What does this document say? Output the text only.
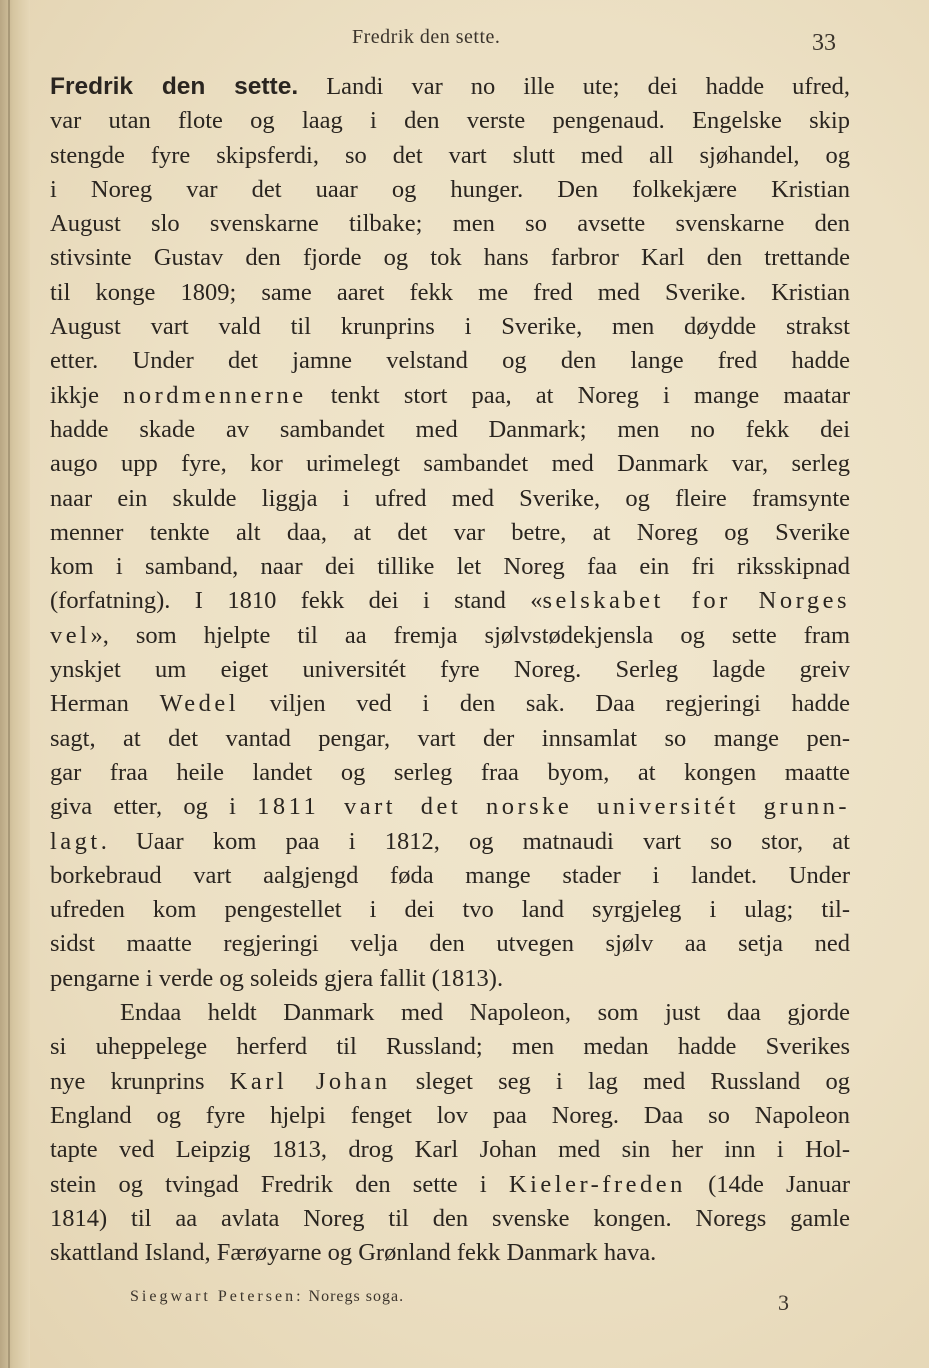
Fredrik den sette.	33
Fredrik den sette. Landi var no ille ute; dei hadde ufred,
var utan flote og laag i den verste pengenaud. Engelske skip
stengde fyre skipsferdi, so det vart slutt med all sjøhandel, og
i Noreg var det uaar og hunger. Den folkekjære Kristian
August slo svenskarne tilbake; men so avsette svenskarne den
stivsinte Gustav den fjorde og tok hans farbror Karl den trettande
til konge 1809; same aaret fekk me fred med Sverike. Kristian
August vart vald til krunprins i Sverike, men døydde strakst
etter. Under det jamne velstand og den lange fred hadde
ikkje nordmennerne tenkt stort paa, at Noreg i mange maatar
hadde skade av sambandet med Danmark; men no fekk dei
augo upp fyre, kor urimelegt sambandet med Danmark var, serleg
naar ein skulde liggja i ufred med Sverike, og fleire framsynte
menner tenkte alt daa, at det var betre, at Noreg og Sverike
kom i samband, naar dei tillike let Noreg faa ein fri riksskipnad
(forfatning). I 1810 fekk dei i stand «selskabet for Norges
vel», som hjelpte til aa fremja sjølvstødekjensla og sette fram
ynskjet um eiget universitét fyre Noreg. Serleg lagde greiv
Herman Wedel viljen ved i den sak. Daa regjeringi hadde
sagt, at det vantad pengar, vart der innsamlat so mange pen-
gar fraa heile landet og serleg fraa byom, at kongen maatte
giva etter, og i 1811 vart det norske universitét grunn-
lagt. Uaar kom paa i 1812, og matnaudi vart so stor, at
borkebraud vart aalgjengd føda mange stader i landet. Under
ufreden kom pengestellet i dei tvo land syrgjeleg i ulag; til-
sidst maatte regjeringi velja den utvegen sjølv aa setja ned
pengarne i verde og soleids gjera fallit (1813).
Endaa heldt Danmark med Napoleon, som just daa gjorde
si uheppelege herferd til Russland; men medan hadde Sverikes
nye krunprins Karl Johan sleget seg i lag med Russland og
England og fyre hjelpi fenget lov paa Noreg. Daa so Napoleon
tapte ved Leipzig 1813, drog Karl Johan med sin her inn i Hol-
stein og tvingad Fredrik den sette i Kieler-freden (14de Januar
1814) til aa avlata Noreg til den svenske kongen. Noregs gamle
skattland Island, Færøyarne og Grønland fekk Danmark hava.
Siegwart Petersen: Noregs soga.	3
